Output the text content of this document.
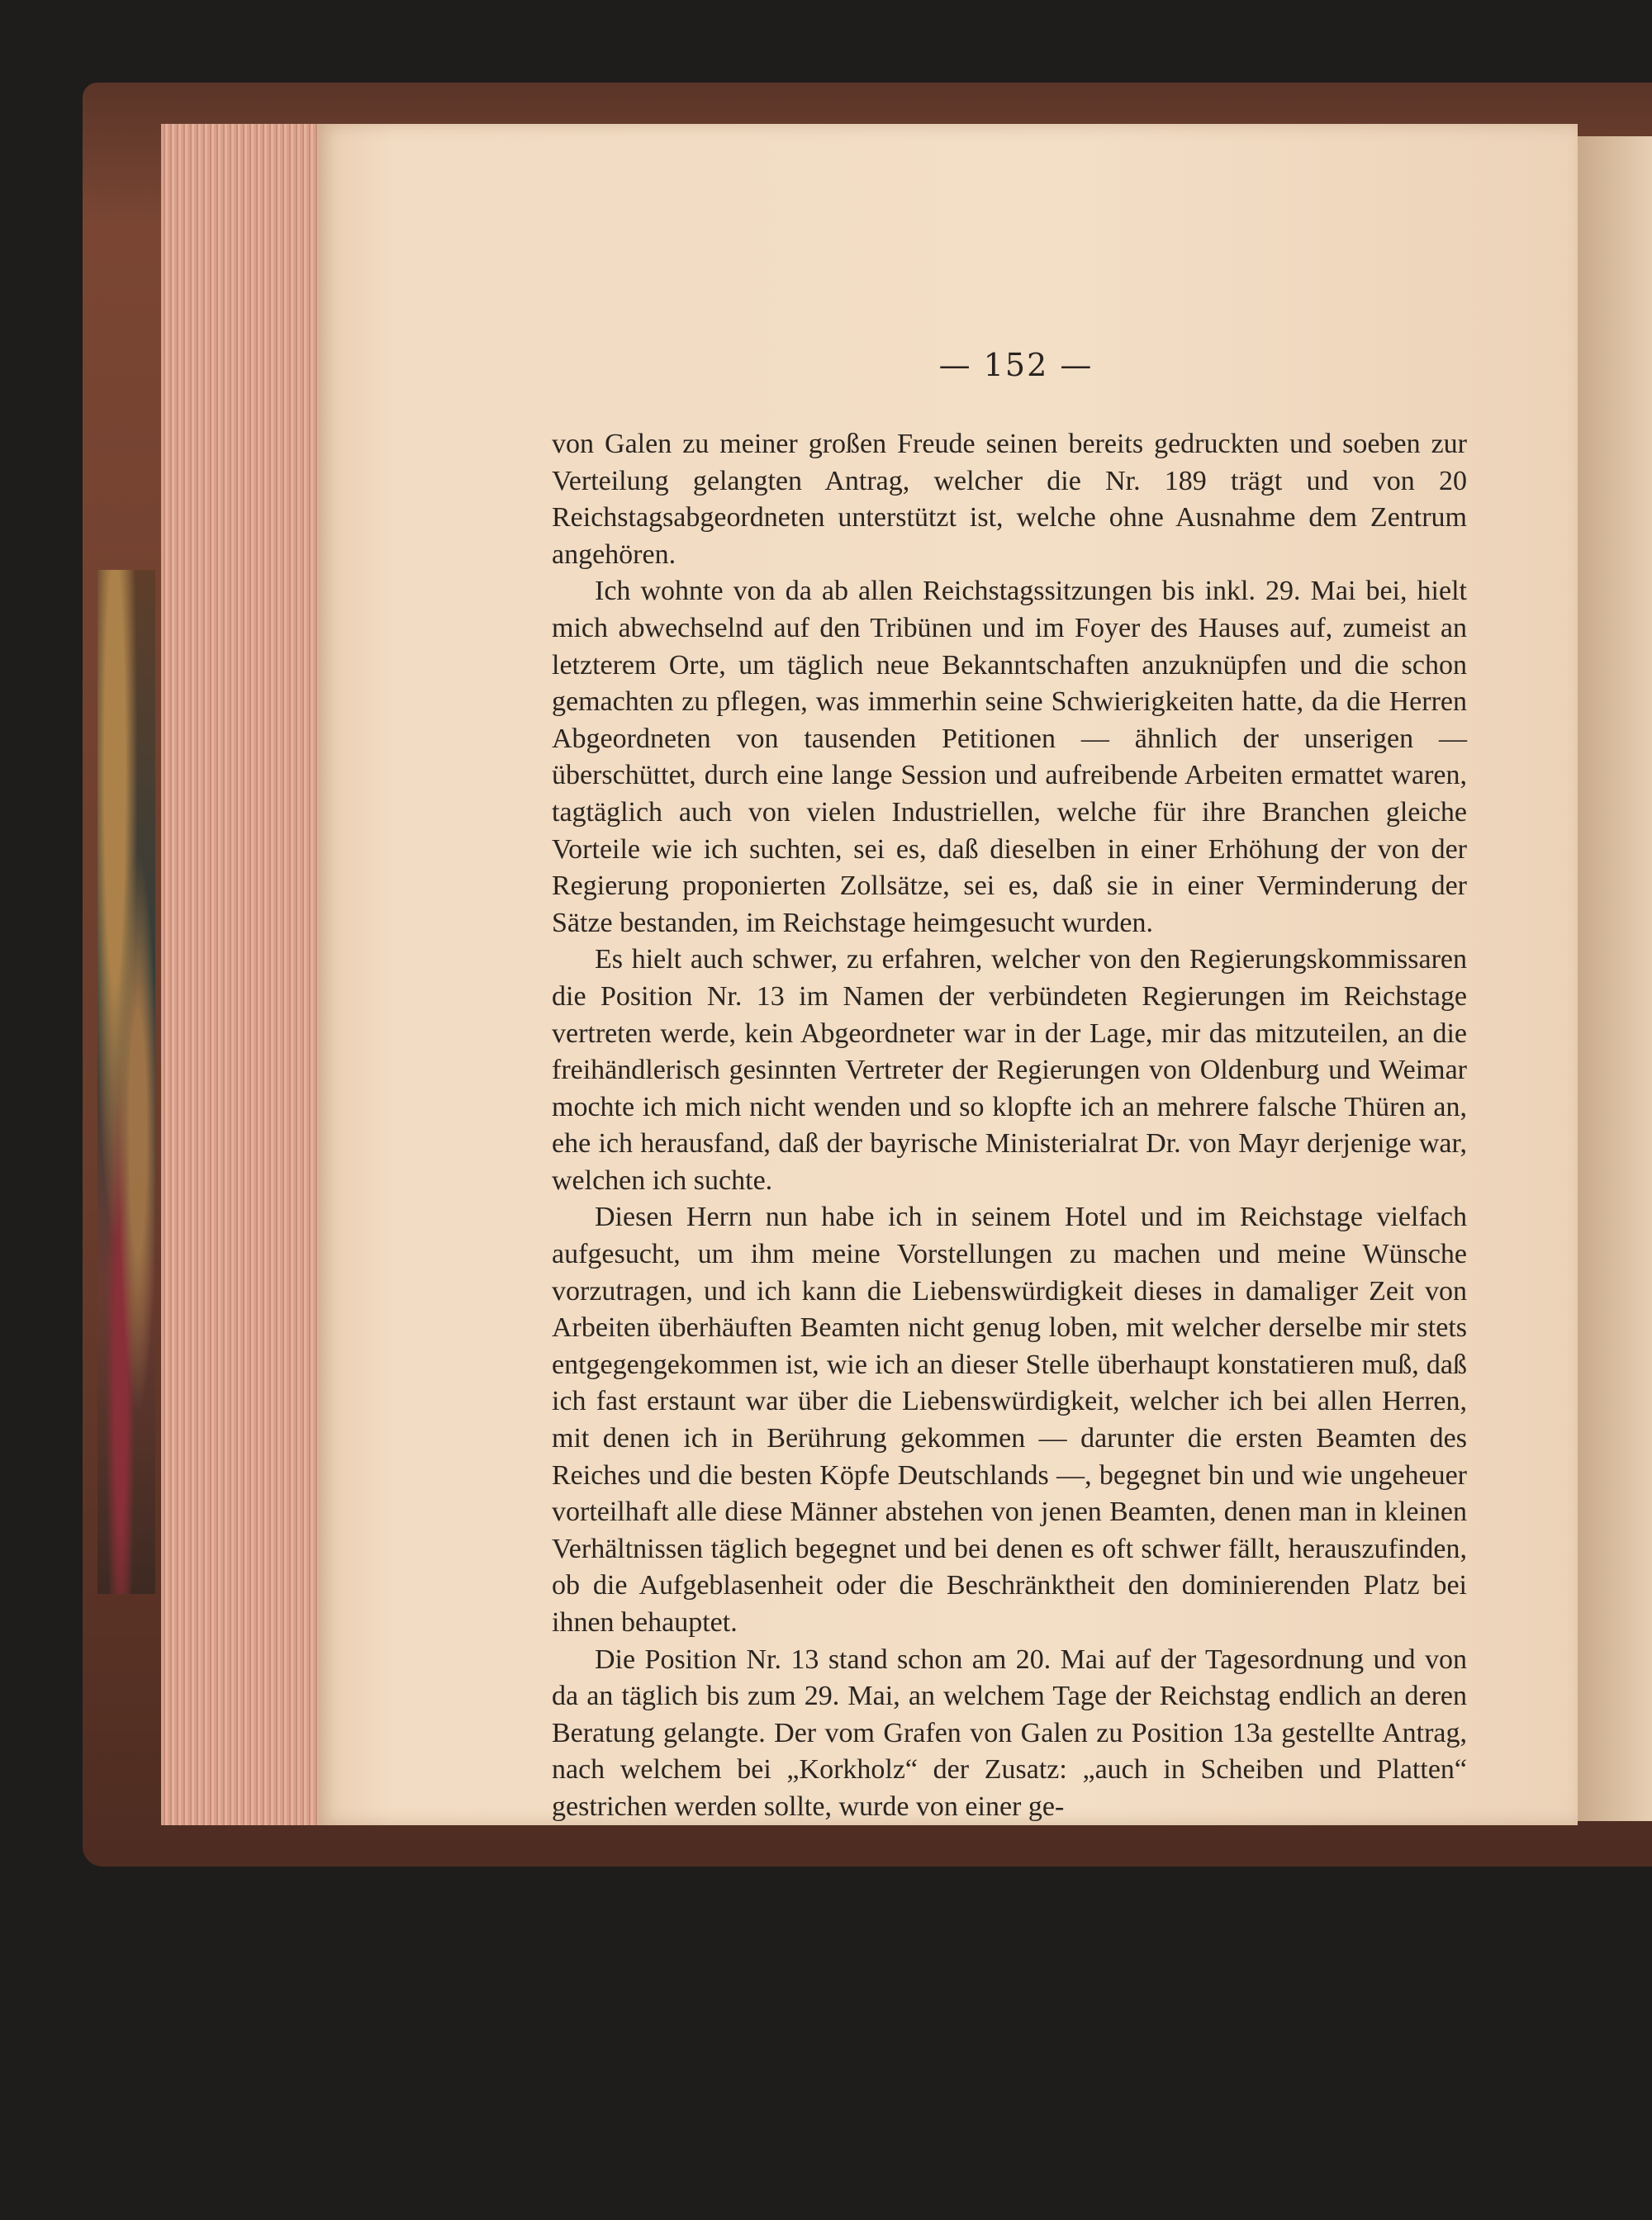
— 152 —

von Galen zu meiner großen Freude seinen bereits gedruckten und soeben zur Verteilung gelangten Antrag, welcher die Nr. 189 trägt und von 20 Reichstagsabgeordneten unterstützt ist, welche ohne Ausnahme dem Zentrum angehören.

Ich wohnte von da ab allen Reichstagssitzungen bis inkl. 29. Mai bei, hielt mich abwechselnd auf den Tribünen und im Foyer des Hauses auf, zumeist an letzterem Orte, um täglich neue Bekanntschaften anzuknüpfen und die schon gemachten zu pflegen, was immerhin seine Schwierigkeiten hatte, da die Herren Abgeordneten von tausenden Petitionen — ähnlich der unserigen — überschüttet, durch eine lange Session und aufreibende Arbeiten ermattet waren, tagtäglich auch von vielen Industriellen, welche für ihre Branchen gleiche Vorteile wie ich suchten, sei es, daß dieselben in einer Erhöhung der von der Regierung proponierten Zollsätze, sei es, daß sie in einer Verminderung der Sätze bestanden, im Reichstage heimgesucht wurden.

Es hielt auch schwer, zu erfahren, welcher von den Regierungskommissaren die Position Nr. 13 im Namen der verbündeten Regierungen im Reichstage vertreten werde, kein Abgeordneter war in der Lage, mir das mitzuteilen, an die freihändlerisch gesinnten Vertreter der Regierungen von Oldenburg und Weimar mochte ich mich nicht wenden und so klopfte ich an mehrere falsche Thüren an, ehe ich herausfand, daß der bayrische Ministerialrat Dr. von Mayr derjenige war, welchen ich suchte.

Diesen Herrn nun habe ich in seinem Hotel und im Reichstage vielfach aufgesucht, um ihm meine Vorstellungen zu machen und meine Wünsche vorzutragen, und ich kann die Liebenswürdigkeit dieses in damaliger Zeit von Arbeiten überhäuften Beamten nicht genug loben, mit welcher derselbe mir stets entgegengekommen ist, wie ich an dieser Stelle überhaupt konstatieren muß, daß ich fast erstaunt war über die Liebenswürdigkeit, welcher ich bei allen Herren, mit denen ich in Berührung gekommen — darunter die ersten Beamten des Reiches und die besten Köpfe Deutschlands —, begegnet bin und wie ungeheuer vorteilhaft alle diese Männer abstehen von jenen Beamten, denen man in kleinen Verhältnissen täglich begegnet und bei denen es oft schwer fällt, herauszufinden, ob die Aufgeblasenheit oder die Beschränktheit den dominierenden Platz bei ihnen behauptet.

Die Position Nr. 13 stand schon am 20. Mai auf der Tagesordnung und von da an täglich bis zum 29. Mai, an welchem Tage der Reichstag endlich an deren Beratung gelangte. Der vom Grafen von Galen zu Position 13a gestellte Antrag, nach welchem bei „Korkholz“ der Zusatz: „auch in Scheiben und Platten“ gestrichen werden sollte, wurde von einer ge-
